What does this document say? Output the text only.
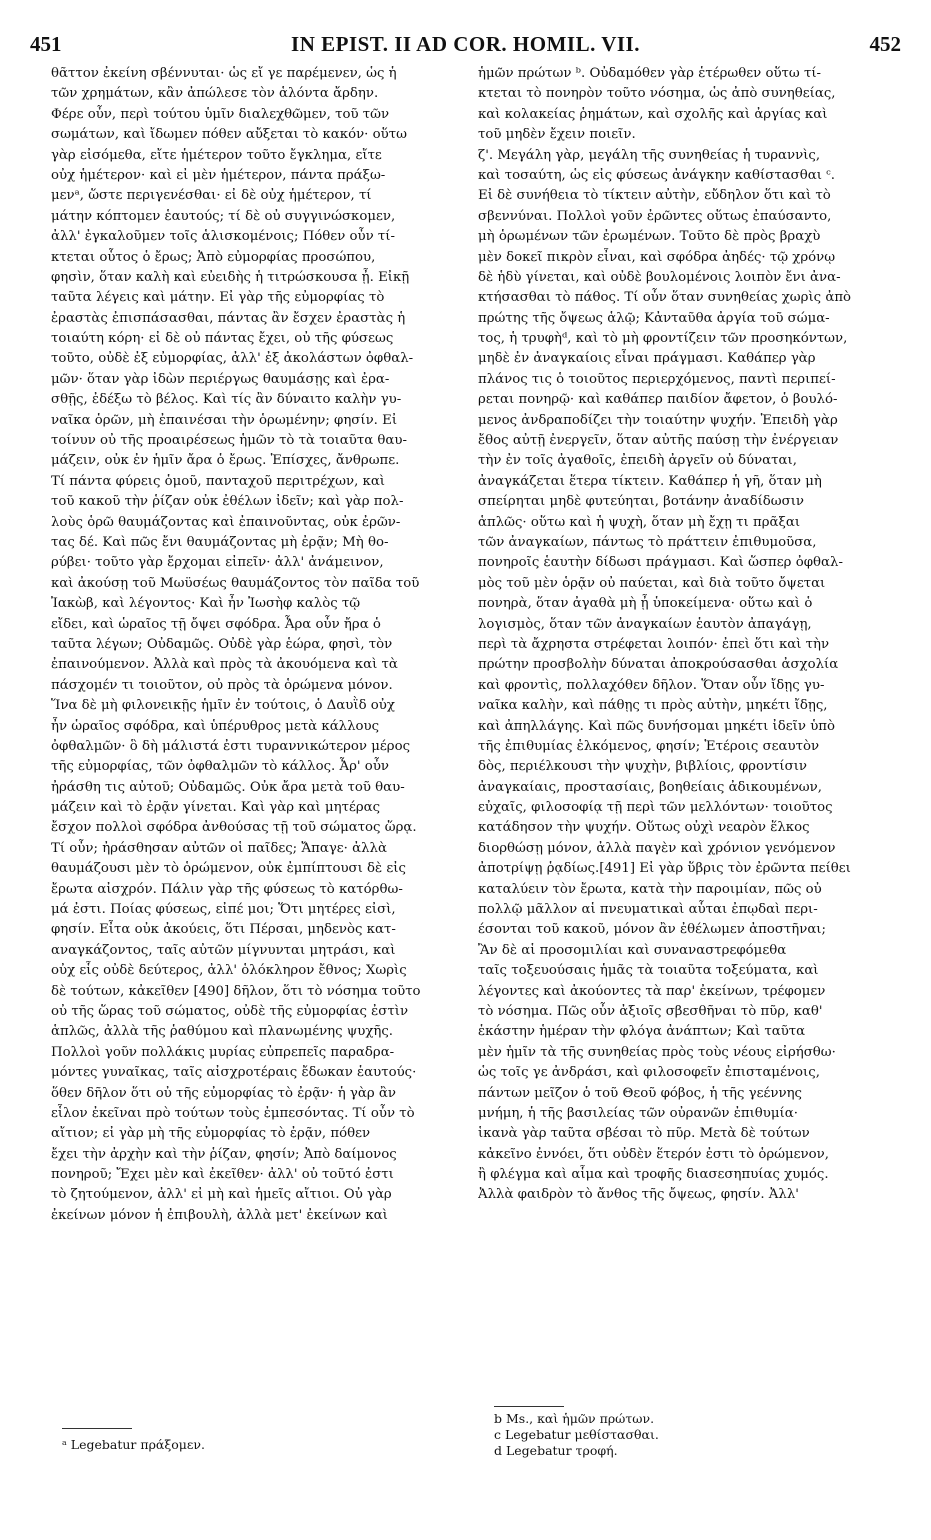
451	IN EPIST. II AD COR. HOMIL. VII.	452
θᾶττον ἐκείνη σβέννυται· ὡς εἴ γε παρέμενεν, ὡς ἡ
τῶν χρημάτων, κἂν ἀπώλεσε τὸν ἁλόντα ἄρδην.
Φέρε οὖν, περὶ τούτου ὑμῖν διαλεχθῶμεν, τοῦ τῶν
σωμάτων, καὶ ἴδωμεν πόθεν αὔξεται τὸ κακόν· οὕτω
γὰρ εἰσόμεθα, εἴτε ἡμέτερον τοῦτο ἔγκλημα, εἴτε
οὐχ ἡμέτερον· καὶ εἰ μὲν ἡμέτερον, πάντα πράξω-
μενᵃ, ὥστε περιγενέσθαι· εἰ δὲ οὐχ ἡμέτερον, τί
μάτην κόπτομεν ἑαυτούς; τί δὲ οὐ συγγινώσκομεν,
ἀλλ' ἐγκαλοῦμεν τοῖς ἁλισκομένοις; Πόθεν οὖν τί-
κτεται οὗτος ὁ ἔρως; Ἀπὸ εὐμορφίας προσώπου,
φησὶν, ὅταν καλὴ καὶ εὐειδὴς ἡ τιτρώσκουσα ᾖ. Εἰκῇ
ταῦτα λέγεις καὶ μάτην. Εἰ γὰρ τῆς εὐμορφίας τὸ
ἐραστὰς ἐπισπάσασθαι, πάντας ἂν ἔσχεν ἐραστὰς ἡ
τοιαύτη κόρη· εἰ δὲ οὐ πάντας ἔχει, οὐ τῆς φύσεως
τοῦτο, οὐδὲ ἐξ εὐμορφίας, ἀλλ' ἐξ ἀκολάστων ὀφθαλ-
μῶν· ὅταν γὰρ ἰδὼν περιέργως θαυμάσῃς καὶ ἐρα-
σθῇς, ἐδέξω τὸ βέλος. Καὶ τίς ἂν δύναιτο καλὴν γυ-
ναῖκα ὁρῶν, μὴ ἐπαινέσαι τὴν ὁρωμένην; φησίν. Εἰ
τοίνυν οὐ τῆς προαιρέσεως ἡμῶν τὸ τὰ τοιαῦτα θαυ-
μάζειν, οὐκ ἐν ἡμῖν ἄρα ὁ ἔρως. Ἐπίσχες, ἄνθρωπε.
Τί πάντα φύρεις ὁμοῦ, πανταχοῦ περιτρέχων, καὶ
τοῦ κακοῦ τὴν ῥίζαν οὐκ ἐθέλων ἰδεῖν; καὶ γὰρ πολ-
λοὺς ὁρῶ θαυμάζοντας καὶ ἐπαινοῦντας, οὐκ ἐρῶν-
τας δέ. Καὶ πῶς ἔνι θαυμάζοντας μὴ ἐρᾷν; Μὴ θο-
ρύβει· τοῦτο γὰρ ἔρχομαι εἰπεῖν· ἀλλ' ἀνάμεινον,
καὶ ἀκούσῃ τοῦ Μωϋσέως θαυμάζοντος τὸν παῖδα τοῦ
Ἰακὼβ, καὶ λέγοντος· Καὶ ἦν Ἰωσὴφ καλὸς τῷ
εἴδει, καὶ ὡραῖος τῇ ὄψει σφόδρα. Ἆρα οὖν ἤρα ὁ
ταῦτα λέγων; Οὐδαμῶς. Οὐδὲ γὰρ ἑώρα, φησὶ, τὸν
ἐπαινούμενον. Ἀλλὰ καὶ πρὸς τὰ ἀκουόμενα καὶ τὰ
πάσχομέν τι τοιοῦτον, οὐ πρὸς τὰ ὁρώμενα μόνον.
Ἵνα δὲ μὴ φιλονεικῇς ἡμῖν ἐν τούτοις, ὁ Δαυῒδ οὐχ
ἦν ὡραῖος σφόδρα, καὶ ὑπέρυθρος μετὰ κάλλους
ὀφθαλμῶν· ὃ δὴ μάλιστά ἐστι τυραννικώτερον μέρος
τῆς εὐμορφίας, τῶν ὀφθαλμῶν τὸ κάλλος. Ἆρ' οὖν
ἠράσθη τις αὐτοῦ; Οὐδαμῶς. Οὐκ ἄρα μετὰ τοῦ θαυ-
μάζειν καὶ τὸ ἐρᾷν γίνεται. Καὶ γὰρ καὶ μητέρας
ἔσχον πολλοὶ σφόδρα ἀνθούσας τῇ τοῦ σώματος ὥρᾳ.
Τί οὖν; ἠράσθησαν αὐτῶν οἱ παῖδες; Ἄπαγε· ἀλλὰ
θαυμάζουσι μὲν τὸ ὁρώμενον, οὐκ ἐμπίπτουσι δὲ εἰς
ἔρωτα αἰσχρόν. Πάλιν γὰρ τῆς φύσεως τὸ κατόρθω-
μά ἐστι. Ποίας φύσεως, εἰπέ μοι; Ὅτι μητέρες εἰσὶ,
φησίν. Εἶτα οὐκ ἀκούεις, ὅτι Πέρσαι, μηδενὸς κατ-
αναγκάζοντος, ταῖς αὐτῶν μίγνυνται μητράσι, καὶ
οὐχ εἷς οὐδὲ δεύτερος, ἀλλ' ὁλόκληρον ἔθνος; Χωρὶς
δὲ τούτων, κἀκεῖθεν [490] δῆλον, ὅτι τὸ νόσημα τοῦτο
οὐ τῆς ὥρας τοῦ σώματος, οὐδὲ τῆς εὐμορφίας ἐστὶν
ἁπλῶς, ἀλλὰ τῆς ῥαθύμου καὶ πλανωμένης ψυχῆς.
Πολλοὶ γοῦν πολλάκις μυρίας εὐπρεπεῖς παραδρα-
μόντες γυναῖκας, ταῖς αἰσχροτέραις ἔδωκαν ἑαυτούς·
ὅθεν δῆλον ὅτι οὐ τῆς εὐμορφίας τὸ ἐρᾷν· ἡ γὰρ ἂν
εἷλον ἐκεῖναι πρὸ τούτων τοὺς ἐμπεσόντας. Τί οὖν τὸ
αἴτιον; εἰ γὰρ μὴ τῆς εὐμορφίας τὸ ἐρᾷν, πόθεν
ἔχει τὴν ἀρχὴν καὶ τὴν ῥίζαν, φησίν; Ἀπὸ δαίμονος
πονηροῦ; Ἔχει μὲν καὶ ἐκεῖθεν· ἀλλ' οὐ τοῦτό ἐστι
τὸ ζητούμενον, ἀλλ' εἰ μὴ καὶ ἡμεῖς αἴτιοι. Οὐ γὰρ
ἐκείνων μόνον ἡ ἐπιβουλὴ, ἀλλὰ μετ' ἐκείνων καὶ
ἡμῶν πρώτων ᵇ. Οὐδαμόθεν γὰρ ἑτέρωθεν οὕτω τί-
κτεται τὸ πονηρὸν τοῦτο νόσημα, ὡς ἀπὸ συνηθείας,
καὶ κολακείας ῥημάτων, καὶ σχολῆς καὶ ἀργίας καὶ
τοῦ μηδὲν ἔχειν ποιεῖν.
ζ'. Μεγάλη γὰρ, μεγάλη τῆς συνηθείας ἡ τυραννὶς,
καὶ τοσαύτη, ὡς εἰς φύσεως ἀνάγκην καθίστασθαι ᶜ.
Εἰ δὲ συνήθεια τὸ τίκτειν αὐτὴν, εὔδηλον ὅτι καὶ τὸ
σβεννύναι. Πολλοὶ γοῦν ἐρῶντες οὕτως ἐπαύσαντο,
μὴ ὁρωμένων τῶν ἐρωμένων. Τοῦτο δὲ πρὸς βραχὺ
μὲν δοκεῖ πικρὸν εἶναι, καὶ σφόδρα ἀηδές· τῷ χρόνῳ
δὲ ἡδὺ γίνεται, καὶ οὐδὲ βουλομένοις λοιπὸν ἔνι ἀνα-
κτήσασθαι τὸ πάθος. Τί οὖν ὅταν συνηθείας χωρὶς ἀπὸ
πρώτης τῆς ὄψεως ἁλῷ; Κἀνταῦθα ἀργία τοῦ σώμα-
τος, ἡ τρυφὴᵈ, καὶ τὸ μὴ φροντίζειν τῶν προσηκόντων,
μηδὲ ἐν ἀναγκαίοις εἶναι πράγμασι. Καθάπερ γὰρ
πλάνος τις ὁ τοιοῦτος περιερχόμενος, παντὶ περιπεί-
ρεται πονηρῷ· καὶ καθάπερ παιδίον ἄφετον, ὁ βουλό-
μενος ἀνδραποδίζει τὴν τοιαύτην ψυχήν. Ἐπειδὴ γὰρ
ἔθος αὐτῇ ἐνεργεῖν, ὅταν αὐτῆς παύσῃ τὴν ἐνέργειαν
τὴν ἐν τοῖς ἀγαθοῖς, ἐπειδὴ ἀργεῖν οὐ δύναται,
ἀναγκάζεται ἕτερα τίκτειν. Καθάπερ ἡ γῆ, ὅταν μὴ
σπείρηται μηδὲ φυτεύηται, βοτάνην ἀναδίδωσιν
ἁπλῶς· οὕτω καὶ ἡ ψυχὴ, ὅταν μὴ ἔχῃ τι πρᾶξαι
τῶν ἀναγκαίων, πάντως τὸ πράττειν ἐπιθυμοῦσα,
πονηροῖς ἑαυτὴν δίδωσι πράγμασι. Καὶ ὥσπερ ὀφθαλ-
μὸς τοῦ μὲν ὁρᾷν οὐ παύεται, καὶ διὰ τοῦτο ὄψεται
πονηρὰ, ὅταν ἀγαθὰ μὴ ᾖ ὑποκείμενα· οὕτω καὶ ὁ
λογισμὸς, ὅταν τῶν ἀναγκαίων ἑαυτὸν ἀπαγάγῃ,
περὶ τὰ ἄχρηστα στρέφεται λοιπόν· ἐπεὶ ὅτι καὶ τὴν
πρώτην προσβολὴν δύναται ἀποκρούσασθαι ἀσχολία
καὶ φροντὶς, πολλαχόθεν δῆλον. Ὅταν οὖν ἴδῃς γυ-
ναῖκα καλὴν, καὶ πάθῃς τι πρὸς αὐτὴν, μηκέτι ἴδῃς,
καὶ ἀπηλλάγης. Καὶ πῶς δυνήσομαι μηκέτι ἰδεῖν ὑπὸ
τῆς ἐπιθυμίας ἑλκόμενος, φησίν; Ἑτέροις σεαυτὸν
δὸς, περιέλκουσι τὴν ψυχὴν, βιβλίοις, φροντίσιν
ἀναγκαίαις, προστασίαις, βοηθείαις ἀδικουμένων,
εὐχαῖς, φιλοσοφίᾳ τῇ περὶ τῶν μελλόντων· τοιοῦτος
κατάδησον τὴν ψυχήν. Οὕτως οὐχὶ νεαρὸν ἕλκος
διορθώσῃ μόνον, ἀλλὰ παγὲν καὶ χρόνιον γενόμενον
ἀποτρίψῃ ῥᾳδίως.[491] Εἰ γὰρ ὕβρις τὸν ἐρῶντα πείθει
καταλύειν τὸν ἔρωτα, κατὰ τὴν παροιμίαν, πῶς οὐ
πολλῷ μᾶλλον αἱ πνευματικαὶ αὗται ἐπῳδαὶ περι-
έσονται τοῦ κακοῦ, μόνον ἂν ἐθέλωμεν ἀποστῆναι;
Ἂν δὲ αἱ προσομιλίαι καὶ συναναστρεφόμεθα
ταῖς τοξευούσαις ἡμᾶς τὰ τοιαῦτα τοξεύματα, καὶ
λέγοντες καὶ ἀκούοντες τὰ παρ' ἐκείνων, τρέφομεν
τὸ νόσημα. Πῶς οὖν ἀξιοῖς σβεσθῆναι τὸ πῦρ, καθ'
ἑκάστην ἡμέραν τὴν φλόγα ἀνάπτων; Καὶ ταῦτα
μὲν ἡμῖν τὰ τῆς συνηθείας πρὸς τοὺς νέους εἰρήσθω·
ὡς τοῖς γε ἀνδράσι, καὶ φιλοσοφεῖν ἐπισταμένοις,
πάντων μεῖζον ὁ τοῦ Θεοῦ φόβος, ἡ τῆς γεέννης
μνήμη, ἡ τῆς βασιλείας τῶν οὐρανῶν ἐπιθυμία·
ἱκανὰ γὰρ ταῦτα σβέσαι τὸ πῦρ. Μετὰ δὲ τούτων
κἀκεῖνο ἐννόει, ὅτι οὐδὲν ἕτερόν ἐστι τὸ ὁρώμενον,
ἢ φλέγμα καὶ αἷμα καὶ τροφῆς διασεσηπυίας χυμός.
Ἀλλὰ φαιδρὸν τὸ ἄνθος τῆς ὄψεως, φησίν. Ἀλλ'
ᵃ Legebatur πράξομεν.
b Ms., καὶ ἡμῶν πρώτων.
c Legebatur μεθίστασθαι.
d Legebatur τροφή.
